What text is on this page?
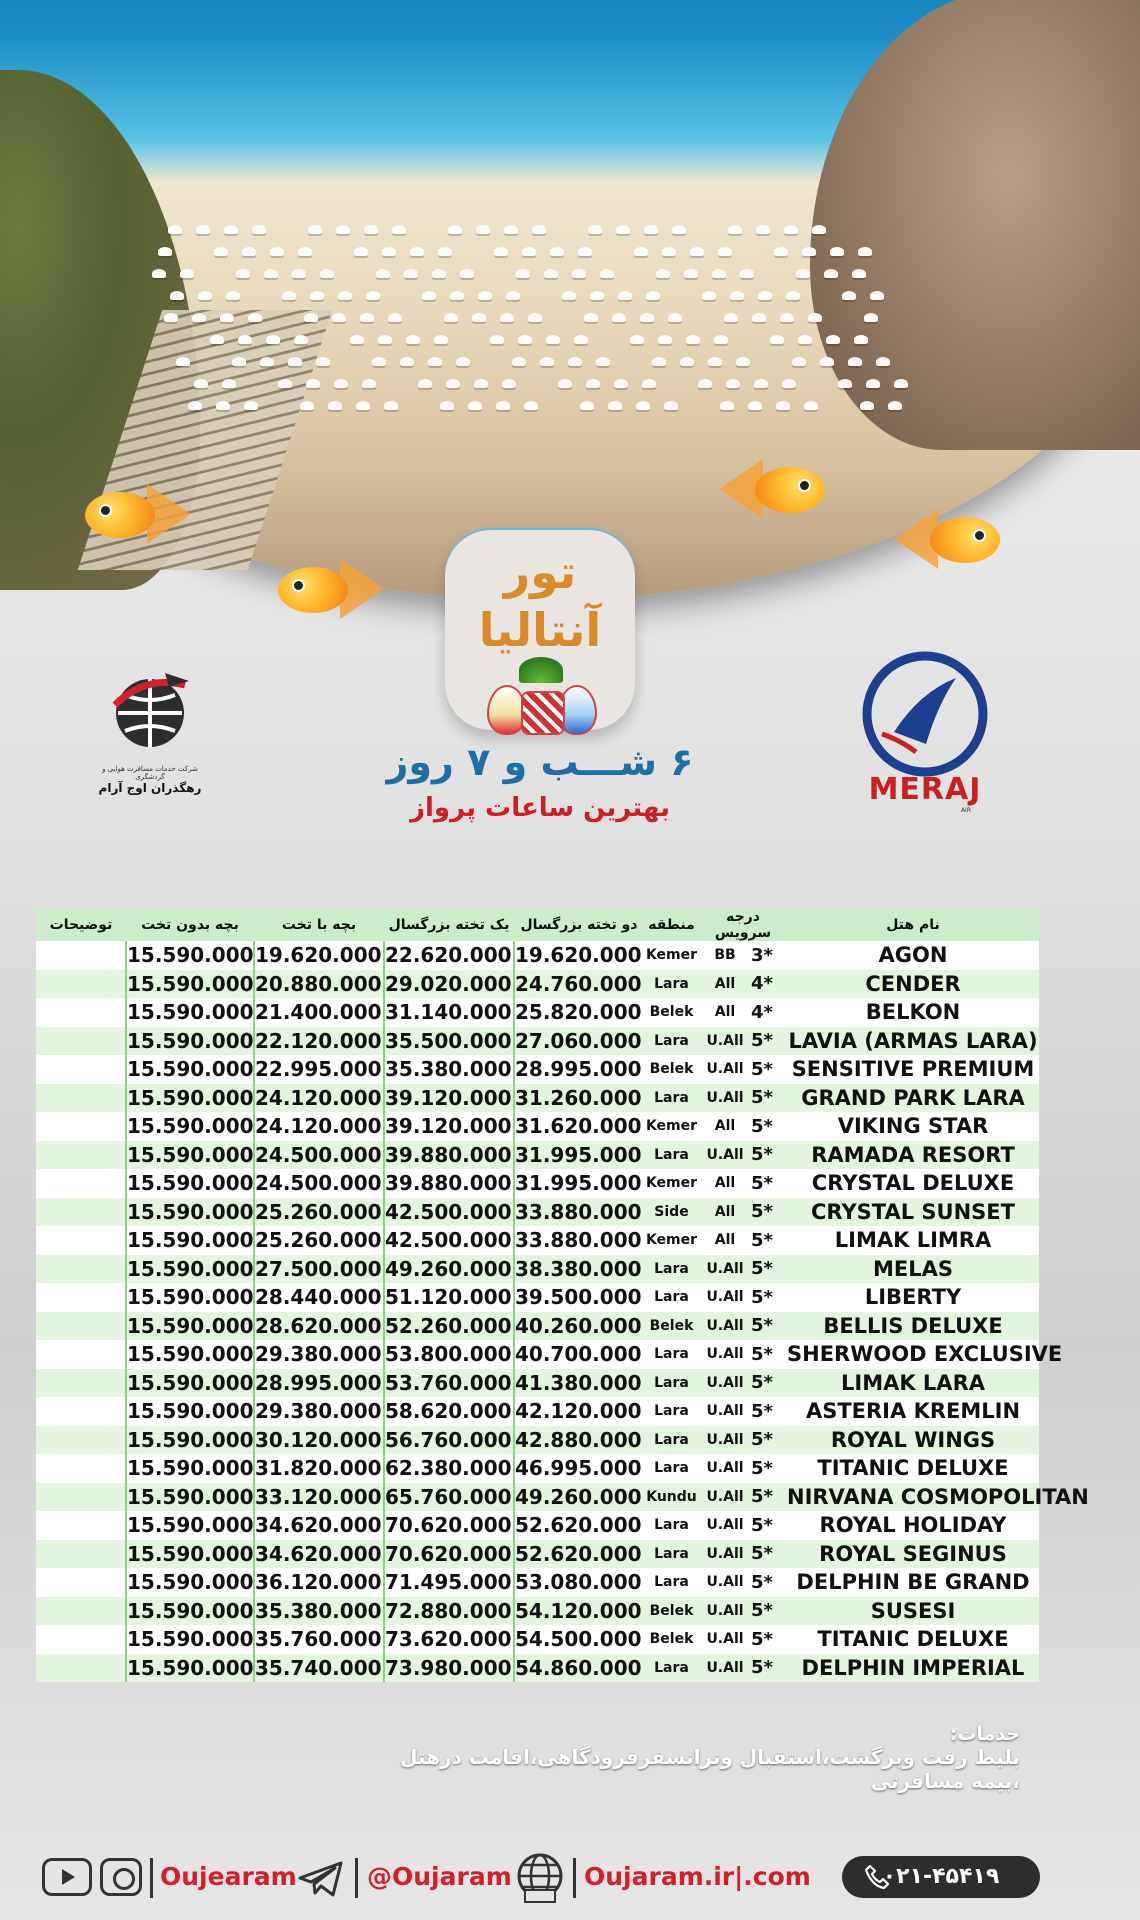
تور
آنتالیا
شرکت خدمات مسافرت هوایی و گردشگری
رهگذران اوج آرام	MERAJ
AIR
۶ شـــب و ۷ روز
بهترین ساعات پرواز
توضیحات	بچه بدون تخت	بچه با تخت	یک تخته بزرگسال	دو تخته بزرگسال	منطقه	درجه سرویس		نام هتل
	15.590.000	19.620.000	22.620.000	19.620.000	Kemer	BB	3*	AGON
	15.590.000	20.880.000	29.020.000	24.760.000	Lara	All	4*	CENDER
	15.590.000	21.400.000	31.140.000	25.820.000	Belek	All	4*	BELKON
	15.590.000	22.120.000	35.500.000	27.060.000	Lara	U.All	5*	LAVIA (ARMAS LARA)
	15.590.000	22.995.000	35.380.000	28.995.000	Belek	U.All	5*	SENSITIVE PREMIUM
	15.590.000	24.120.000	39.120.000	31.260.000	Lara	U.All	5*	GRAND PARK LARA
	15.590.000	24.120.000	39.120.000	31.620.000	Kemer	All	5*	VIKING STAR
	15.590.000	24.500.000	39.880.000	31.995.000	Lara	U.All	5*	RAMADA RESORT
	15.590.000	24.500.000	39.880.000	31.995.000	Kemer	All	5*	CRYSTAL DELUXE
	15.590.000	25.260.000	42.500.000	33.880.000	Side	All	5*	CRYSTAL SUNSET
	15.590.000	25.260.000	42.500.000	33.880.000	Kemer	All	5*	LIMAK LIMRA
	15.590.000	27.500.000	49.260.000	38.380.000	Lara	U.All	5*	MELAS
	15.590.000	28.440.000	51.120.000	39.500.000	Lara	U.All	5*	LIBERTY
	15.590.000	28.620.000	52.260.000	40.260.000	Belek	U.All	5*	BELLIS DELUXE
	15.590.000	29.380.000	53.800.000	40.700.000	Lara	U.All	5*	SHERWOOD EXCLUSIVE
	15.590.000	28.995.000	53.760.000	41.380.000	Lara	U.All	5*	LIMAK LARA
	15.590.000	29.380.000	58.620.000	42.120.000	Lara	U.All	5*	ASTERIA KREMLIN
	15.590.000	30.120.000	56.760.000	42.880.000	Lara	U.All	5*	ROYAL WINGS
	15.590.000	31.820.000	62.380.000	46.995.000	Lara	U.All	5*	TITANIC DELUXE
	15.590.000	33.120.000	65.760.000	49.260.000	Kundu	U.All	5*	NIRVANA COSMOPOLITAN
	15.590.000	34.620.000	70.620.000	52.620.000	Lara	U.All	5*	ROYAL HOLIDAY
	15.590.000	34.620.000	70.620.000	52.620.000	Lara	U.All	5*	ROYAL SEGINUS
	15.590.000	36.120.000	71.495.000	53.080.000	Lara	U.All	5*	DELPHIN BE GRAND
	15.590.000	35.380.000	72.880.000	54.120.000	Belek	U.All	5*	SUSESI
	15.590.000	35.760.000	73.620.000	54.500.000	Belek	U.All	5*	TITANIC DELUXE
	15.590.000	35.740.000	73.980.000	54.860.000	Lara	U.All	5*	DELPHIN IMPERIAL
خدمات:
بلیط رفت وبرگشت،استقبال وترانسفرفرودگاهی،اقامت درهتل ،بیمه مسافرتی
Oujearam	@Oujaram	Oujaram.ir|.com	۰۲۱-۴۵۴۱۹
